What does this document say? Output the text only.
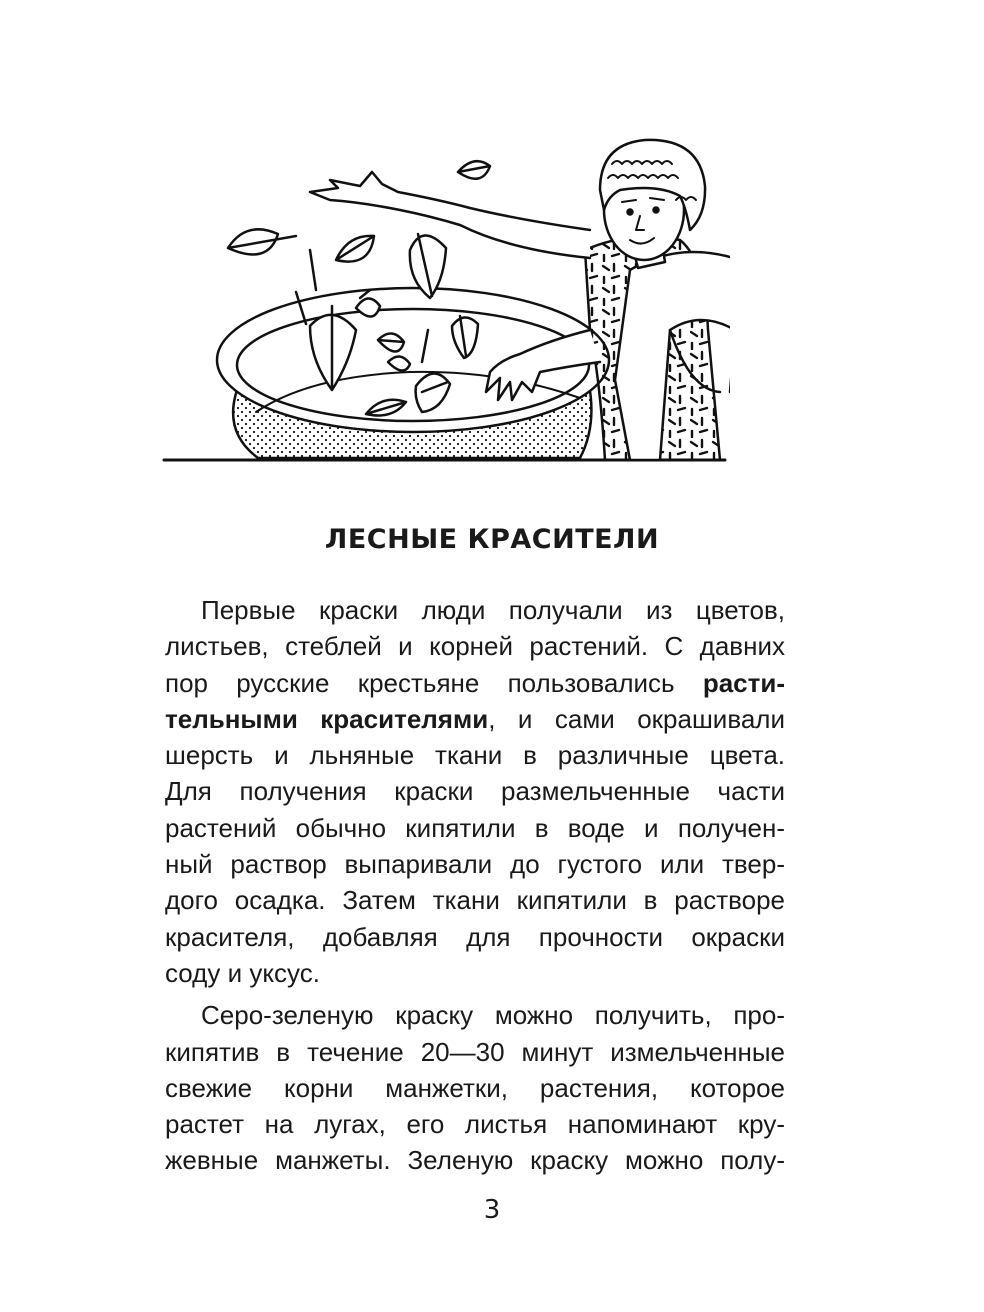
ЛЕСНЫЕ КРАСИТЕЛИ

Первые краски люди получали из цветов,
листьев, стеблей и корней растений. С давних
пор русские крестьяне пользовались расти-
тельными красителями, и сами окрашивали
шерсть и льняные ткани в различные цвета.
Для получения краски размельченные части
растений обычно кипятили в воде и получен-
ный раствор выпаривали до густого или твер-
дого осадка. Затем ткани кипятили в растворе
красителя, добавляя для прочности окраски
соду и уксус.

Серо-зеленую краску можно получить, про-
кипятив в течение 20—30 минут измельченные
свежие корни манжетки, растения, которое
растет на лугах, его листья напоминают кру-
жевные манжеты. Зеленую краску можно полу-

3
